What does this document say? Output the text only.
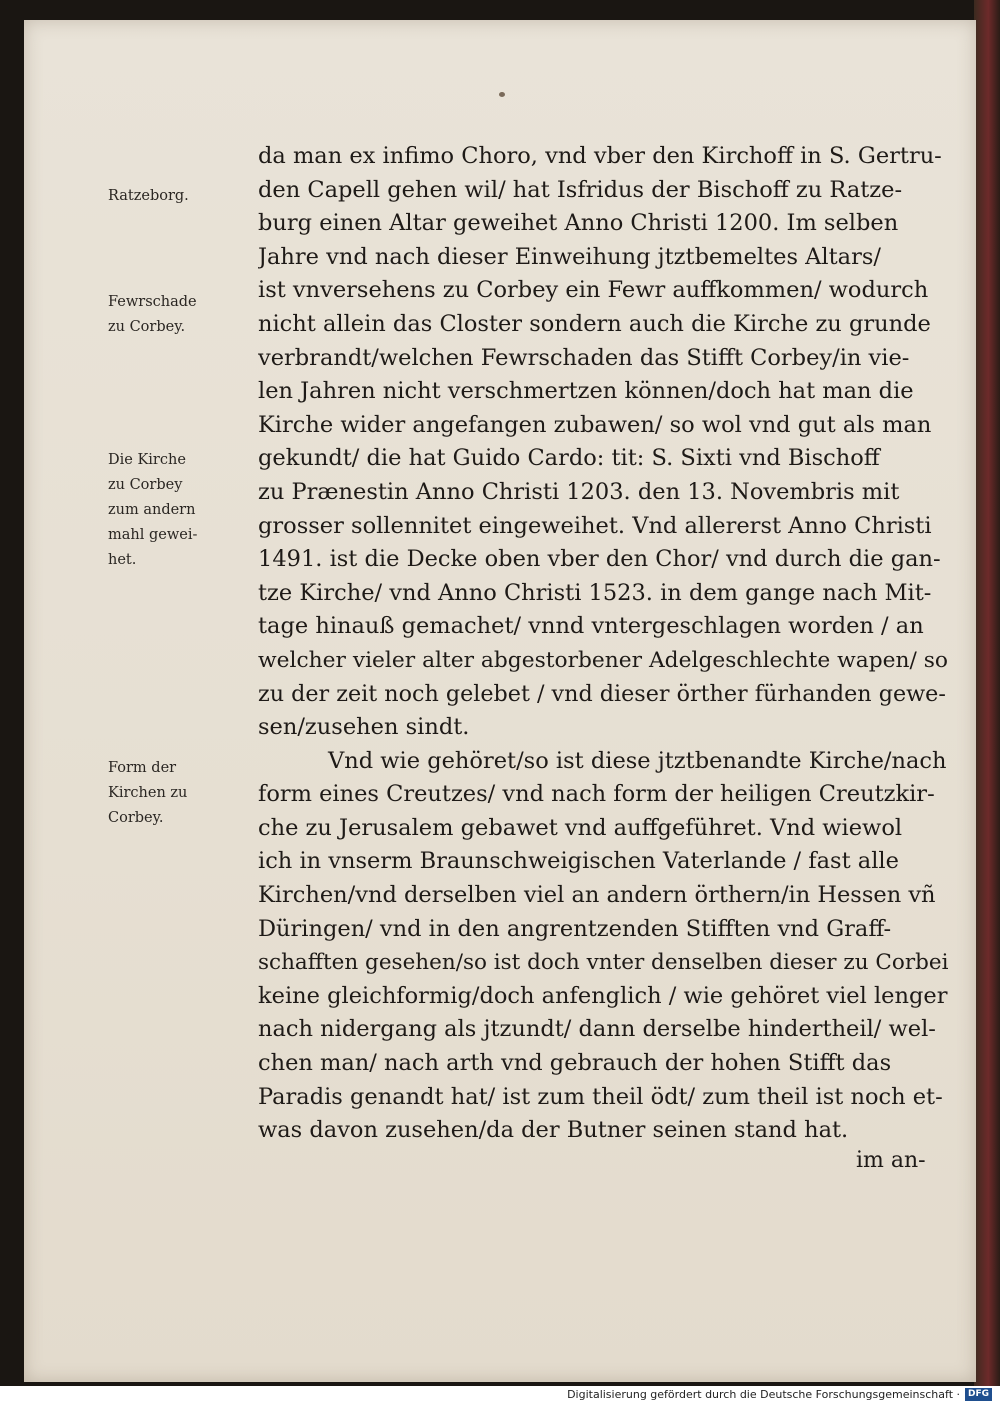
Ratzeborg.
Fewrschade
zu Corbey.
Die Kirche
zu Corbey
zum andern
mahl gewei-
het.
Form der
Kirchen zu
Corbey.
da man ex infimo Choro, vnd vber den Kirchoff in S. Gertru-
den Capell gehen wil/ hat Isfridus der Bischoff zu Ratze-
burg einen Altar geweihet Anno Christi 1200. Im selben
Jahre vnd nach dieser Einweihung jtztbemeltes Altars/
ist vnversehens zu Corbey ein Fewr auffkommen/ wodurch
nicht allein das Closter sondern auch die Kirche zu grunde
verbrandt/welchen Fewrschaden das Stifft Corbey/in vie-
len Jahren nicht verschmertzen können/doch hat man die
Kirche wider angefangen zubawen/ so wol vnd gut als man
gekundt/ die hat Guido Cardo: tit: S. Sixti vnd Bischoff
zu Prænestin Anno Christi 1203. den 13. Novembris mit
grosser sollennitet eingeweihet. Vnd allererst Anno Christi
1491. ist die Decke oben vber den Chor/ vnd durch die gan-
tze Kirche/ vnd Anno Christi 1523. in dem gange nach Mit-
tage hinauß gemachet/ vnnd vntergeschlagen worden / an
welcher vieler alter abgestorbener Adelgeschlechte wapen/ so
zu der zeit noch gelebet / vnd dieser örther fürhanden gewe-
sen/zusehen sindt.
Vnd wie gehöret/so ist diese jtztbenandte Kirche/nach
form eines Creutzes/ vnd nach form der heiligen Creutzkir-
che zu Jerusalem gebawet vnd auffgeführet. Vnd wiewol
ich in vnserm Braunschweigischen Vaterlande / fast alle
Kirchen/vnd derselben viel an andern örthern/in Hessen vñ
Düringen/ vnd in den angrentzenden Stifften vnd Graff-
schafften gesehen/so ist doch vnter denselben dieser zu Corbei
keine gleichformig/doch anfenglich / wie gehöret viel lenger
nach nidergang als jtzundt/ dann derselbe hindertheil/ wel-
chen man/ nach arth vnd gebrauch der hohen Stifft das
Paradis genandt hat/ ist zum theil ödt/ zum theil ist noch et-
was davon zusehen/da der Butner seinen stand hat.
im an-
Digitalisierung gefördert durch die Deutsche Forschungsgemeinschaft · DFG
